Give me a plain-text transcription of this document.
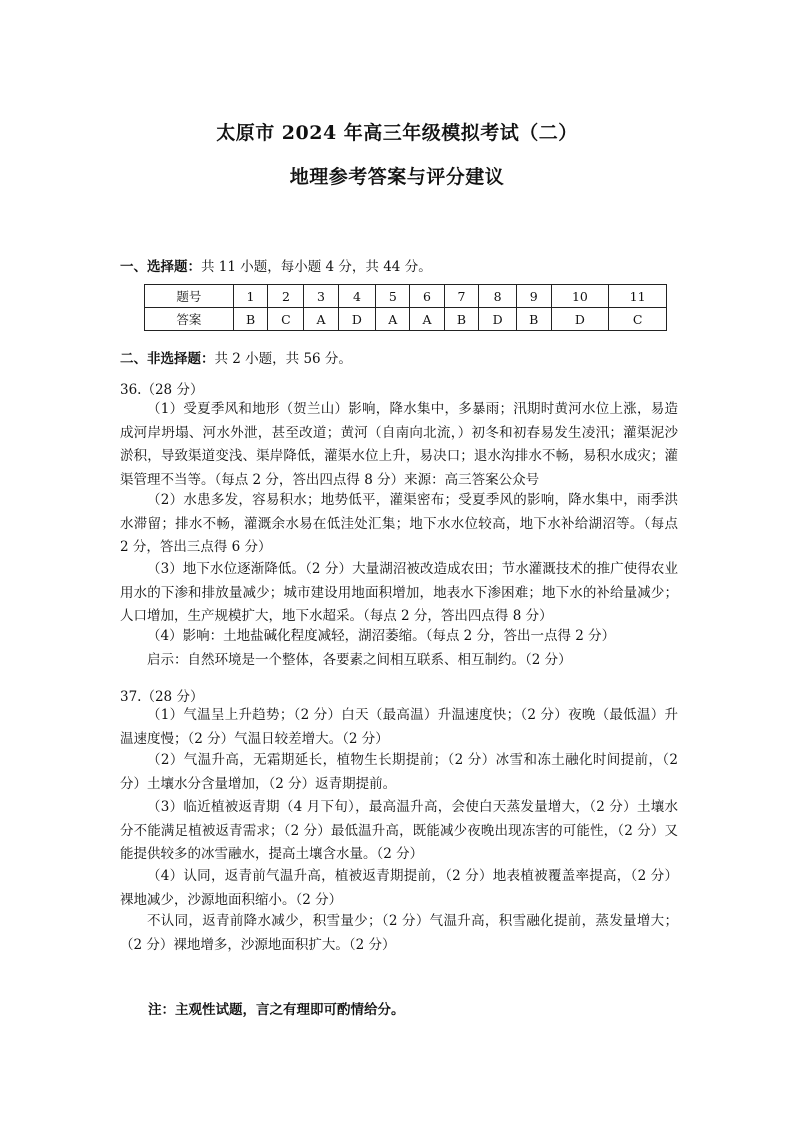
太原市 2024 年高三年级模拟考试（二）
地理参考答案与评分建议
一、选择题：共 11 小题，每小题 4 分，共 44 分。
题号	1	2	3	4	5	6	7	8	9	10	11
答案	B	C	A	D	A	A	B	D	B	D	C
二、非选择题：共 2 小题，共 56 分。
36.（28 分）

（1）受夏季风和地形（贺兰山）影响，降水集中，多暴雨；汛期时黄河水位上涨，易造成河岸坍塌、河水外泄，甚至改道；黄河（自南向北流，）初冬和初春易发生凌汛；灌渠泥沙淤积，导致渠道变浅、渠岸降低，灌渠水位上升，易决口；退水沟排水不畅，易积水成灾；灌渠管理不当等。（每点 2 分，答出四点得 8 分）来源：高三答案公众号

（2）水患多发，容易积水；地势低平，灌渠密布；受夏季风的影响，降水集中，雨季洪水滞留；排水不畅，灌溉余水易在低洼处汇集；地下水水位较高，地下水补给湖沼等。（每点 2 分，答出三点得 6 分）

（3）地下水位逐渐降低。（2 分）大量湖沼被改造成农田；节水灌溉技术的推广使得农业用水的下渗和排放量减少；城市建设用地面积增加，地表水下渗困难；地下水的补给量减少；人口增加，生产规模扩大，地下水超采。（每点 2 分，答出四点得 8 分）

（4）影响：土地盐碱化程度减轻，湖沼萎缩。（每点 2 分，答出一点得 2 分）

启示：自然环境是一个整体，各要素之间相互联系、相互制约。（2 分）

37.（28 分）

（1）气温呈上升趋势；（2 分）白天（最高温）升温速度快；（2 分）夜晚（最低温）升温速度慢；（2 分）气温日较差增大。（2 分）

（2）气温升高，无霜期延长，植物生长期提前；（2 分）冰雪和冻土融化时间提前，（2 分）土壤水分含量增加，（2 分）返青期提前。

（3）临近植被返青期（4 月下旬），最高温升高，会使白天蒸发量增大，（2 分）土壤水分不能满足植被返青需求；（2 分）最低温升高，既能减少夜晚出现冻害的可能性，（2 分）又能提供较多的冰雪融水，提高土壤含水量。（2 分）

（4）认同，返青前气温升高，植被返青期提前，（2 分）地表植被覆盖率提高，（2 分）裸地减少，沙源地面积缩小。（2 分）

不认同，返青前降水减少，积雪量少；（2 分）气温升高，积雪融化提前，蒸发量增大；（2 分）裸地增多，沙源地面积扩大。（2 分）

注：主观性试题，言之有理即可酌情给分。
